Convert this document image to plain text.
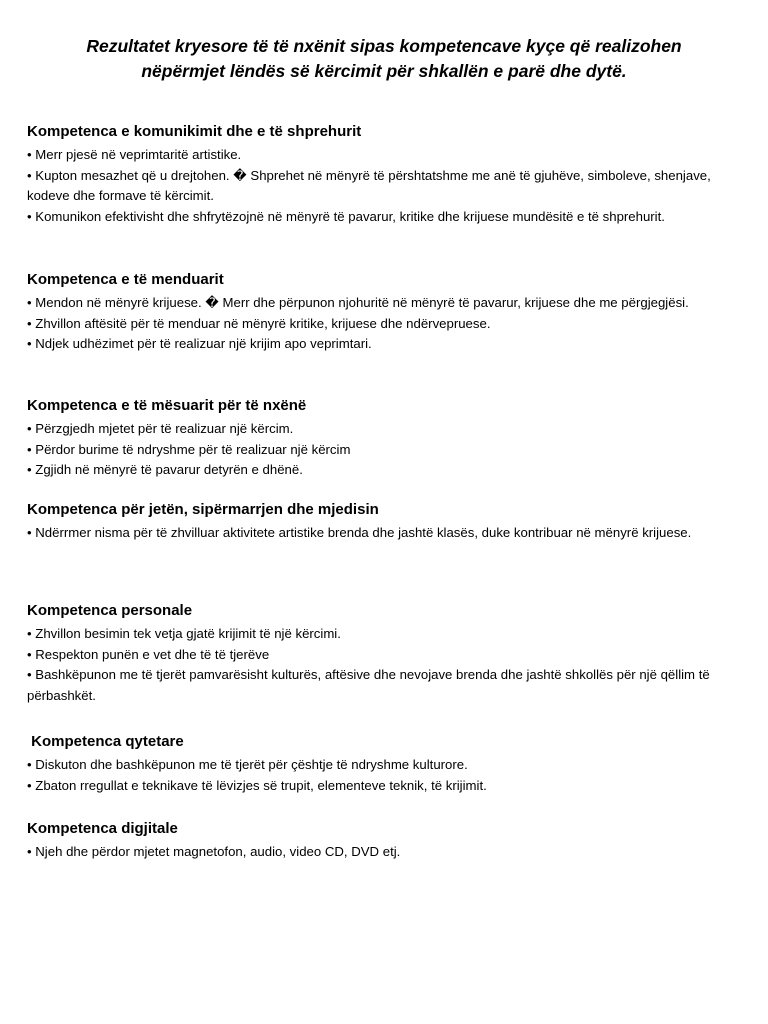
Rezultatet kryesore të të nxënit sipas kompetencave kyçe që realizohen
nëpërmjet lëndës së kërcimit për shkallën e parë dhe dytë.
Kompetenca e komunikimit dhe e të shprehurit

• Merr pjesë në veprimtaritë artistike.

• Kupton mesazhet që u drejtohen. � Shprehet në mënyrë të përshtatshme me anë të gjuhëve, simboleve, shenjave, kodeve dhe formave të kërcimit.

• Komunikon efektivisht dhe shfrytëzojnë në mënyrë të pavarur, kritike dhe krijuese mundësitë e të shprehurit.

Kompetenca e të menduarit

• Mendon në mënyrë krijuese. � Merr dhe përpunon njohuritë në mënyrë të pavarur, krijuese dhe me përgjegjësi.

• Zhvillon aftësitë për të menduar në mënyrë kritike, krijuese dhe ndërvepruese.

• Ndjek udhëzimet për të realizuar një krijim apo veprimtari.

Kompetenca e të mësuarit për të nxënë

• Përzgjedh mjetet për të realizuar një kërcim.

• Përdor burime të ndryshme për të realizuar një kërcim

• Zgjidh në mënyrë të pavarur detyrën e dhënë.

Kompetenca për jetën, sipërmarrjen dhe mjedisin

• Ndërrmer nisma për të zhvilluar aktivitete artistike brenda dhe jashtë klasës, duke kontribuar në mënyrë krijuese.

Kompetenca personale

• Zhvillon besimin tek vetja gjatë krijimit të një kërcimi.

• Respekton punën e vet dhe të të tjerëve

• Bashkëpunon me të tjerët pamvarësisht kulturës, aftësive dhe nevojave brenda dhe jashtë shkollës për një qëllim të përbashkët.

Kompetenca qytetare

• Diskuton dhe bashkëpunon me të tjerët për çështje të ndryshme kulturore.

• Zbaton rregullat e teknikave të lëvizjes së trupit, elementeve teknik, të krijimit.

Kompetenca digjitale

• Njeh dhe përdor mjetet magnetofon, audio, video CD, DVD etj.
